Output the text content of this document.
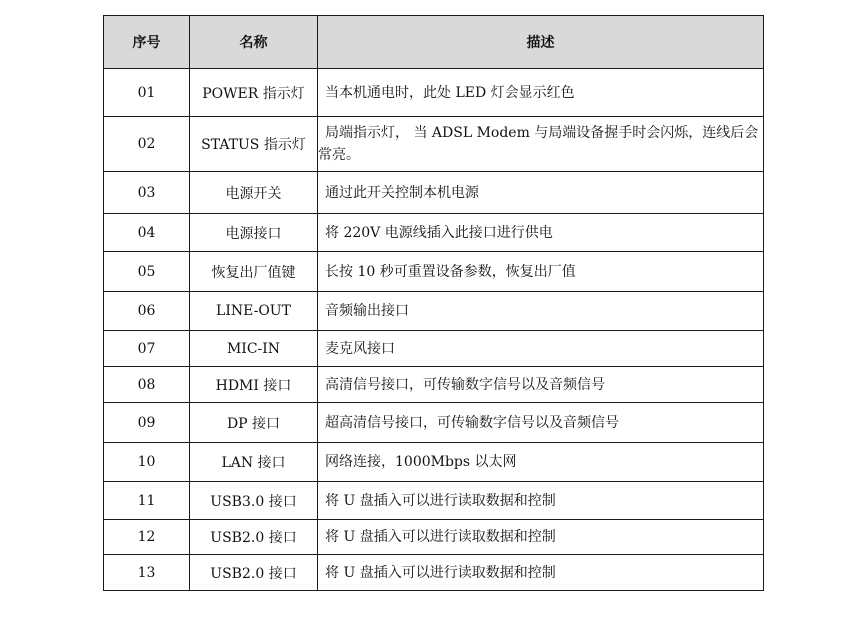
序号	名称	描述
01	POWER 指示灯	当本机通电时，此处 LED 灯会显示红色
02	STATUS 指示灯	局端指示灯， 当 ADSL Modem 与局端设备握手时会闪烁，连线后会常亮。

03	电源开关	通过此开关控制本机电源
04	电源接口	将 220V 电源线插入此接口进行供电
05	恢复出厂值键	长按 10 秒可重置设备参数，恢复出厂值
06	LINE-OUT	音频输出接口
07	MIC-IN	麦克风接口
08	HDMI 接口	高清信号接口，可传输数字信号以及音频信号
09	DP 接口	超高清信号接口，可传输数字信号以及音频信号
10	LAN 接口	网络连接，1000Mbps 以太网
11	USB3.0 接口	将 U 盘插入可以进行读取数据和控制
12	USB2.0 接口	将 U 盘插入可以进行读取数据和控制
13	USB2.0 接口	将 U 盘插入可以进行读取数据和控制
